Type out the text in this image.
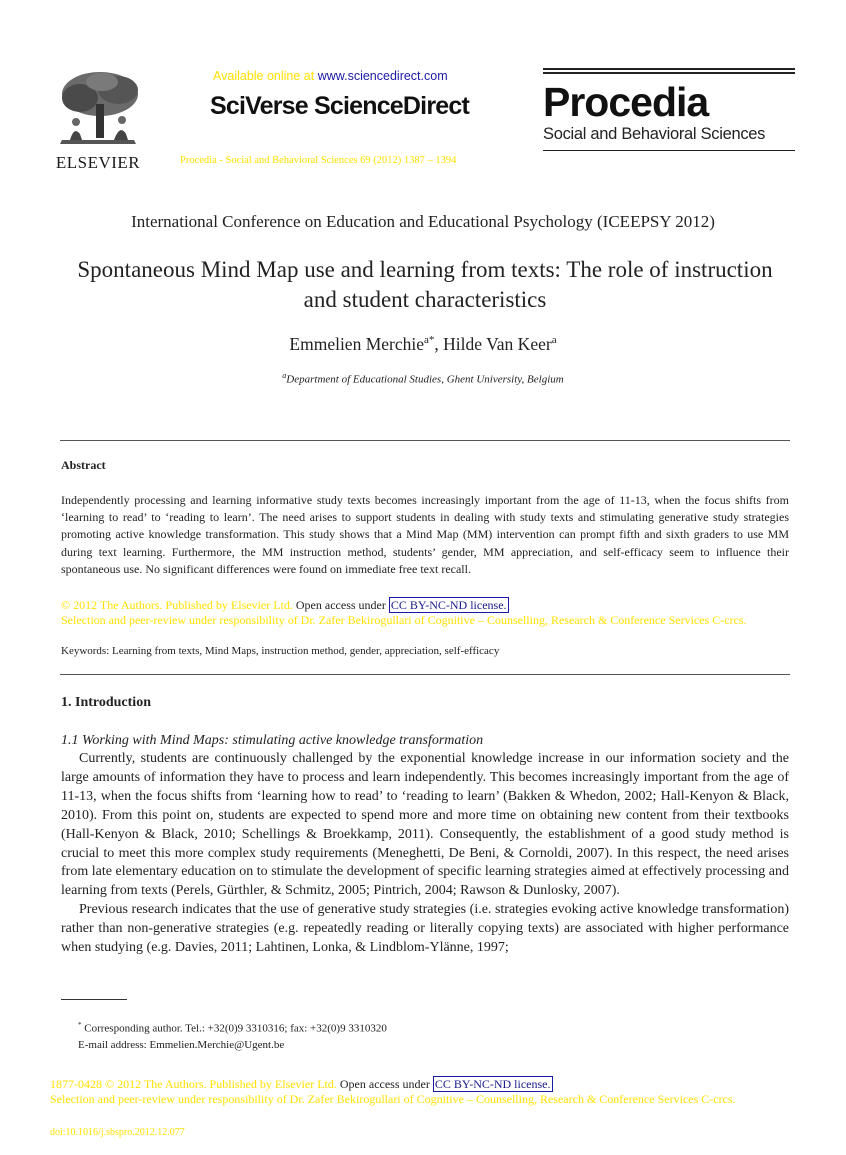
ELSEVIER
Available online at www.sciencedirect.com
SciVerse ScienceDirect
Procedia - Social and Behavioral Sciences 69 (2012) 1387 – 1394
Procedia
Social and Behavioral Sciences
International Conference on Education and Educational Psychology (ICEEPSY 2012)
Spontaneous Mind Map use and learning from texts: The role of instruction and student characteristics
Emmelien Merchie$^{a*}$, Hilde Van Keer$^a$
$^a$Department of Educational Studies, Ghent University, Belgium
Abstract
Independently processing and learning informative study texts becomes increasingly important from the age of 11-13, when the focus shifts from ‘learning to read’ to ‘reading to learn’. The need arises to support students in dealing with study texts and stimulating generative study strategies promoting active knowledge transformation. This study shows that a Mind Map (MM) intervention can prompt fifth and sixth graders to use MM during text learning. Furthermore, the MM instruction method, students’ gender, MM appreciation, and self-efficacy seem to influence their spontaneous use. No significant differences were found on immediate free text recall.
© 2012 The Authors. Published by Elsevier Ltd. Open access under CC BY-NC-ND license.
Selection and peer-review under responsibility of Dr. Zafer Bekirogullari of Cognitive – Counselling, Research & Conference Services C-crcs.
Keywords: Learning from texts, Mind Maps, instruction method, gender, appreciation, self-efficacy
1. Introduction
1.1 Working with Mind Maps: stimulating active knowledge transformation

Currently, students are continuously challenged by the exponential knowledge increase in our information society and the large amounts of information they have to process and learn independently. This becomes increasingly important from the age of 11-13, when the focus shifts from ‘learning how to read’ to ‘reading to learn’ (Bakken & Whedon, 2002; Hall-Kenyon & Black, 2010). From this point on, students are expected to spend more and more time on obtaining new content from their textbooks (Hall-Kenyon & Black, 2010; Schellings & Broekkamp, 2011). Consequently, the establishment of a good study method is crucial to meet this more complex study requirements (Meneghetti, De Beni, & Cornoldi, 2007). In this respect, the need arises from late elementary education on to stimulate the development of specific learning strategies aimed at effectively processing and learning from texts (Perels, Gürthler, & Schmitz, 2005; Pintrich, 2004; Rawson & Dunlosky, 2007).

Previous research indicates that the use of generative study strategies (i.e. strategies evoking active knowledge transformation) rather than non-generative strategies (e.g. repeatedly reading or literally copying texts) are associated with higher performance when studying (e.g. Davies, 2011; Lahtinen, Lonka, & Lindblom-Ylänne, 1997;

* Corresponding author. Tel.: +32(0)9 3310316; fax: +32(0)9 3310320
E-mail address: Emmelien.Merchie@Ugent.be
1877-0428 © 2012 The Authors. Published by Elsevier Ltd. Open access under CC BY-NC-ND license.
Selection and peer-review under responsibility of Dr. Zafer Bekirogullari of Cognitive – Counselling, Research & Conference Services C-crcs.
doi:10.1016/j.sbspro.2012.12.077
